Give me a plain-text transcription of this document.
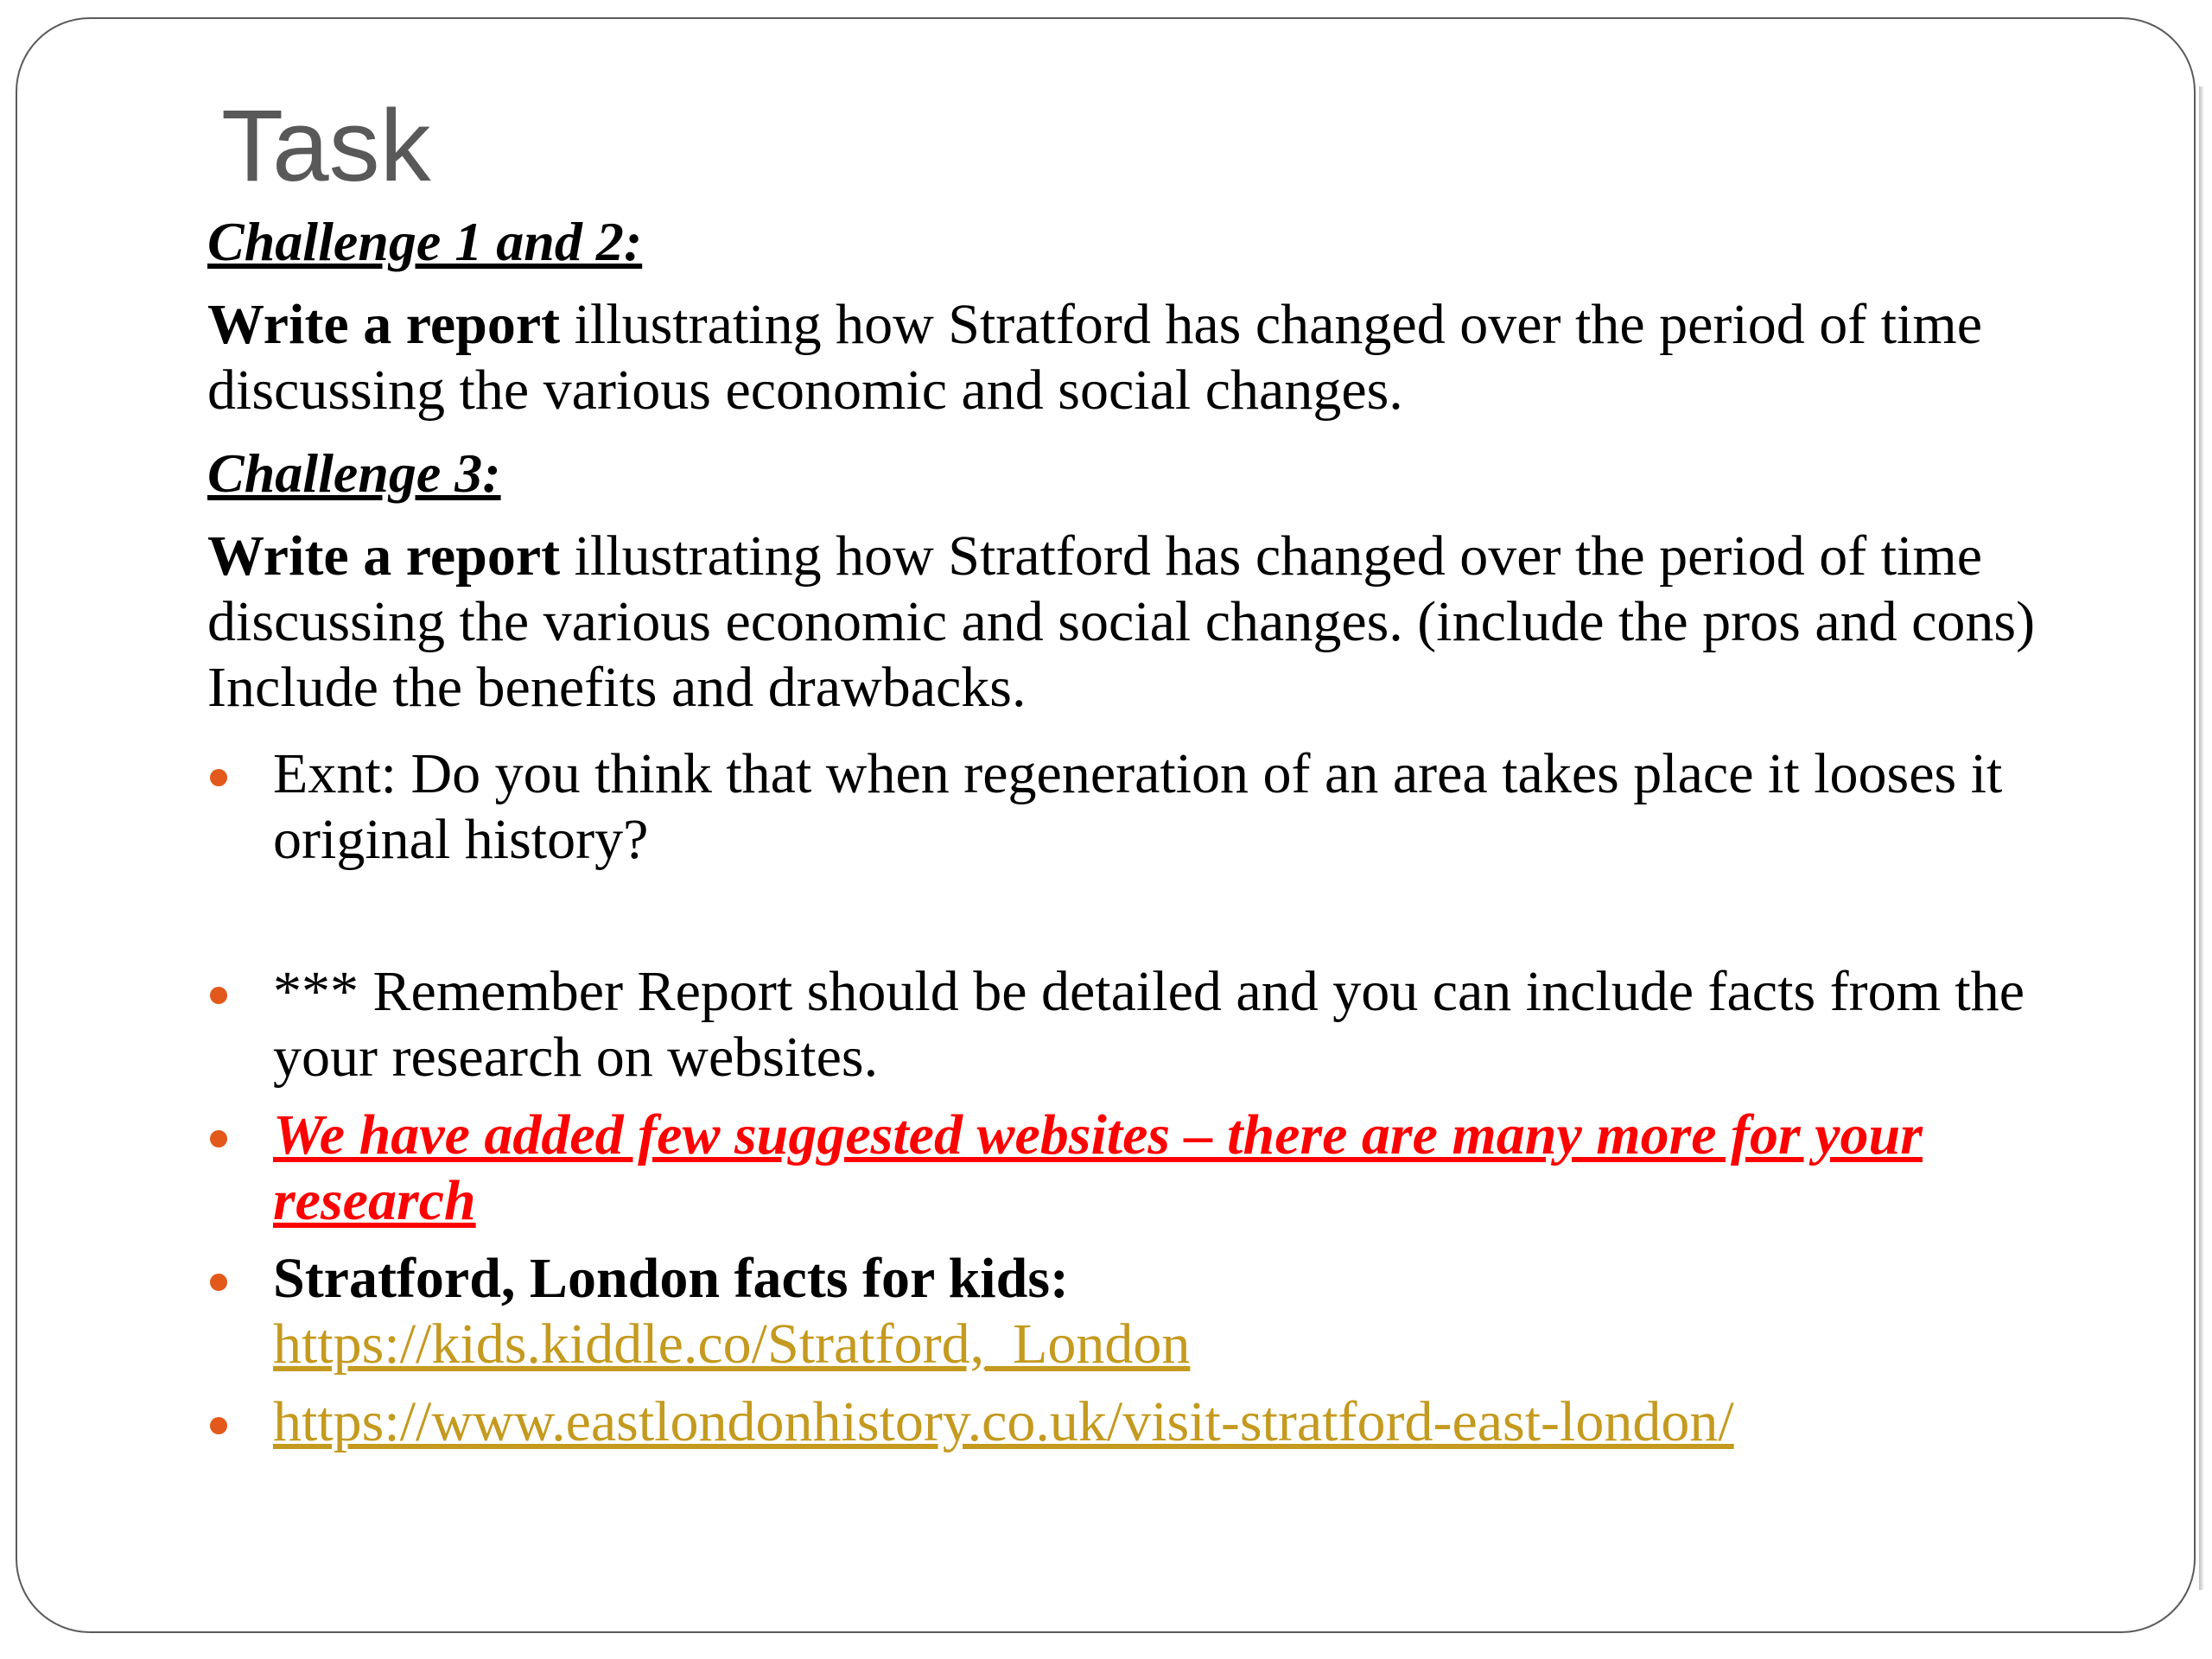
Task

Challenge 1 and 2:

Write a report illustrating how Stratford has changed over the period of time discussing the various economic and social changes.

Challenge 3:

Write a report illustrating how Stratford has changed over the period of time discussing the various economic and social changes. (include the pros and cons) Include the benefits and drawbacks.

Exnt: Do you think that when regeneration of an area takes place it looses it original history?
*** Remember Report should be detailed and you can include facts from the your research on websites.
We have added few suggested websites – there are many more for your research
Stratford, London facts for kids:
https://kids.kiddle.co/Stratford,_London
https://www.eastlondonhistory.co.uk/visit-stratford-east-london/
